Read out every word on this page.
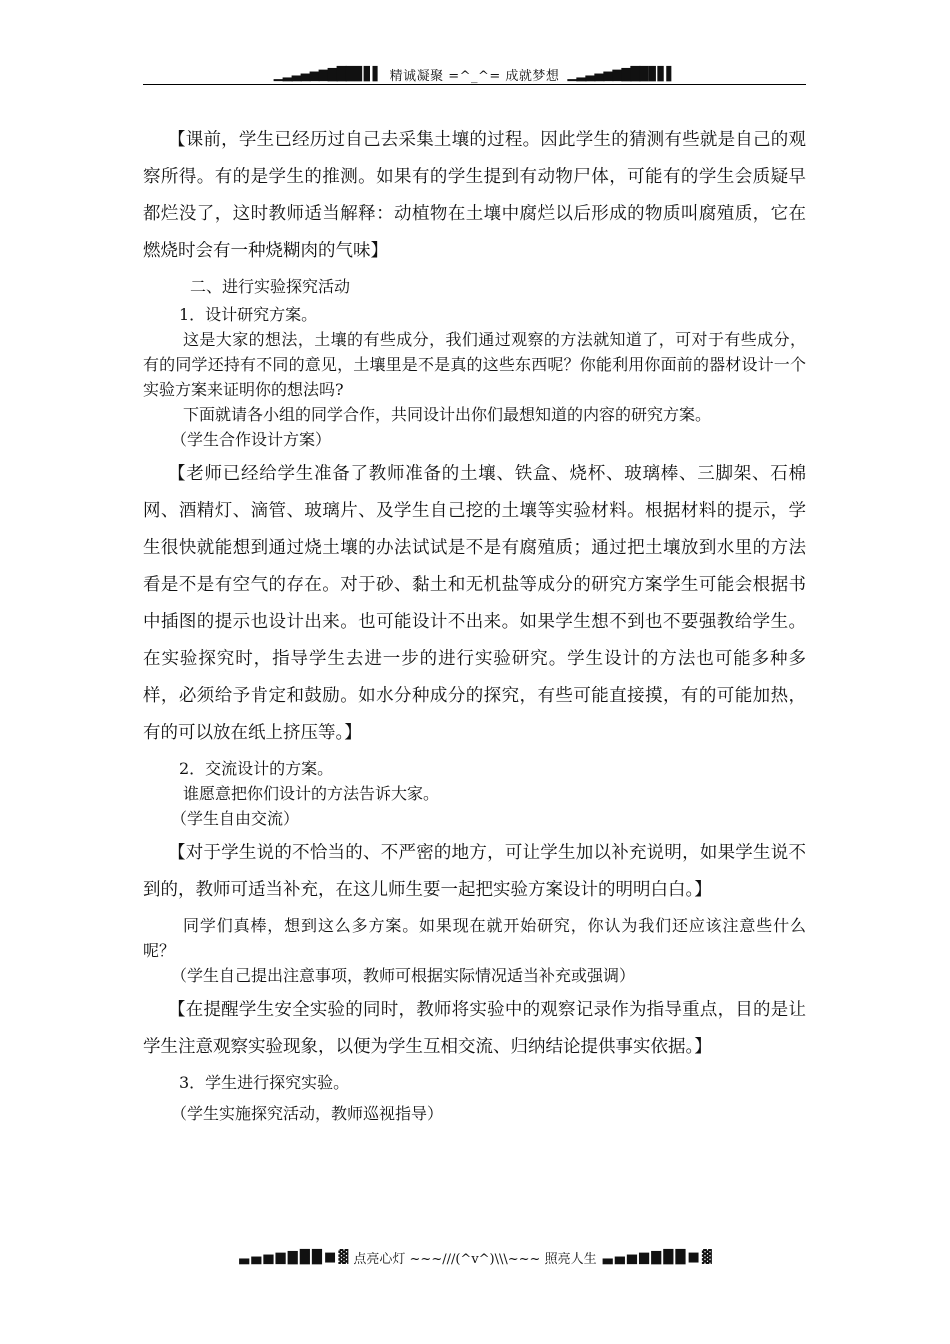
▁▂▃▄▅▆▇█▉▊▋▌ 精诚凝聚 =^_^= 成就梦想 ▁▂▃▄▅▆▇█▉▊▋▌

【课前，学生已经历过自己去采集土壤的过程。因此学生的猜测有些就是自己的观察所得。有的是学生的推测。如果有的学生提到有动物尸体，可能有的学生会质疑早都烂没了，这时教师适当解释：动植物在土壤中腐烂以后形成的物质叫腐殖质，它在燃烧时会有一种烧糊肉的气味】

二、进行实验探究活动

1．设计研究方案。

这是大家的想法，土壤的有些成分，我们通过观察的方法就知道了，可对于有些成分，有的同学还持有不同的意见，土壤里是不是真的这些东西呢？你能利用你面前的器材设计一个实验方案来证明你的想法吗?

下面就请各小组的同学合作，共同设计出你们最想知道的内容的研究方案。

（学生合作设计方案）

【老师已经给学生准备了教师准备的土壤、铁盒、烧杯、玻璃棒、三脚架、石棉网、酒精灯、滴管、玻璃片、及学生自己挖的土壤等实验材料。根据材料的提示，学生很快就能想到通过烧土壤的办法试试是不是有腐殖质；通过把土壤放到水里的方法看是不是有空气的存在。对于砂、黏土和无机盐等成分的研究方案学生可能会根据书中插图的提示也设计出来。也可能设计不出来。如果学生想不到也不要强教给学生。在实验探究时，指导学生去进一步的进行实验研究。学生设计的方法也可能多种多样，必须给予肯定和鼓励。如水分种成分的探究，有些可能直接摸，有的可能加热，有的可以放在纸上挤压等。】

2．交流设计的方案。

谁愿意把你们设计的方法告诉大家。

（学生自由交流）

【对于学生说的不恰当的、不严密的地方，可让学生加以补充说明，如果学生说不到的，教师可适当补充，在这儿师生要一起把实验方案设计的明明白白。】

同学们真棒，想到这么多方案。如果现在就开始研究，你认为我们还应该注意些什么呢？

（学生自己提出注意事项，教师可根据实际情况适当补充或强调）

【在提醒学生安全实验的同时，教师将实验中的观察记录作为指导重点，目的是让学生注意观察实验现象，以便为学生互相交流、归纳结论提供事实依据。】

3．学生进行探究实验。

（学生实施探究活动，教师巡视指导）

▃ ▄ ▅ ▆ ▇ █ █ ■ ▓ 点亮心灯 ~~~///(^v^)\\\~~~ 照亮人生 ▃ ▄ ▅ ▆ ▇ █ █ ■ ▓
